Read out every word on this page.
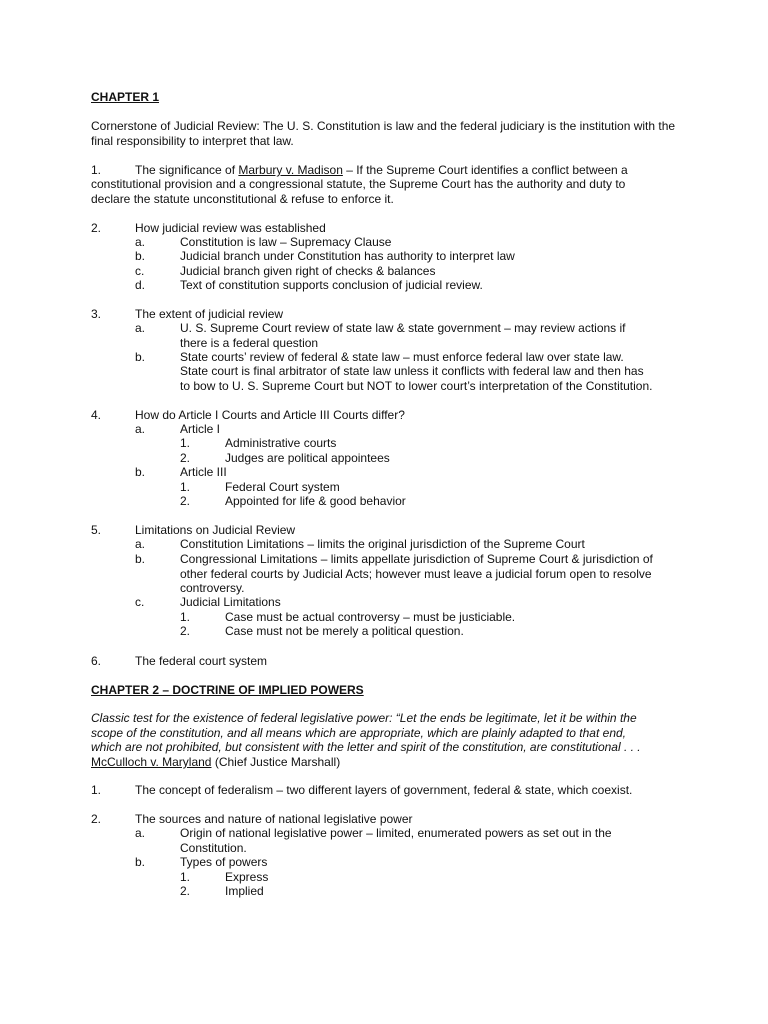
CHAPTER 1
Cornerstone of Judicial Review: The U. S. Constitution is law and the federal judiciary is the institution with the final responsibility to interpret that law.
1.	The significance of Marbury v. Madison – If the Supreme Court identifies a conflict between a
constitutional provision and a congressional statute, the Supreme Court has the authority and duty to
declare the statute unconstitutional & refuse to enforce it.
2.	How judicial review was established
a.	Constitution is law – Supremacy Clause
b.	Judicial branch under Constitution has authority to interpret law
c.	Judicial branch given right of checks & balances
d.	Text of constitution supports conclusion of judicial review.
3.	The extent of judicial review
a.	U. S. Supreme Court review of state law & state government – may review actions if
there is a federal question
b.	State courts’ review of federal & state law – must enforce federal law over state law.
State court is final arbitrator of state law unless it conflicts with federal law and then has
to bow to U. S. Supreme Court but NOT to lower court’s interpretation of the Constitution.
4.	How do Article I Courts and Article III Courts differ?
a.	Article I
1.	Administrative courts
2.	Judges are political appointees
b.	Article III
1.	Federal Court system
2.	Appointed for life & good behavior
5.	Limitations on Judicial Review
a.	Constitution Limitations – limits the original jurisdiction of the Supreme Court
b.	Congressional Limitations – limits appellate jurisdiction of Supreme Court & jurisdiction of
other federal courts by Judicial Acts; however must leave a judicial forum open to resolve
controversy.
c.	Judicial Limitations
1.	Case must be actual controversy – must be justiciable.
2.	Case must not be merely a political question.
6.	The federal court system
CHAPTER 2 – DOCTRINE OF IMPLIED POWERS
Classic test for the existence of federal legislative power: “Let the ends be legitimate, let it be within the
scope of the constitution, and all means which are appropriate, which are plainly adapted to that end,
which are not prohibited, but consistent with the letter and spirit of the constitution, are constitutional . . .
McCulloch v. Maryland (Chief Justice Marshall)
1.	The concept of federalism – two different layers of government, federal & state, which coexist.
2.	The sources and nature of national legislative power
a.	Origin of national legislative power – limited, enumerated powers as set out in the
Constitution.
b.	Types of powers
1.	Express
2.	Implied
